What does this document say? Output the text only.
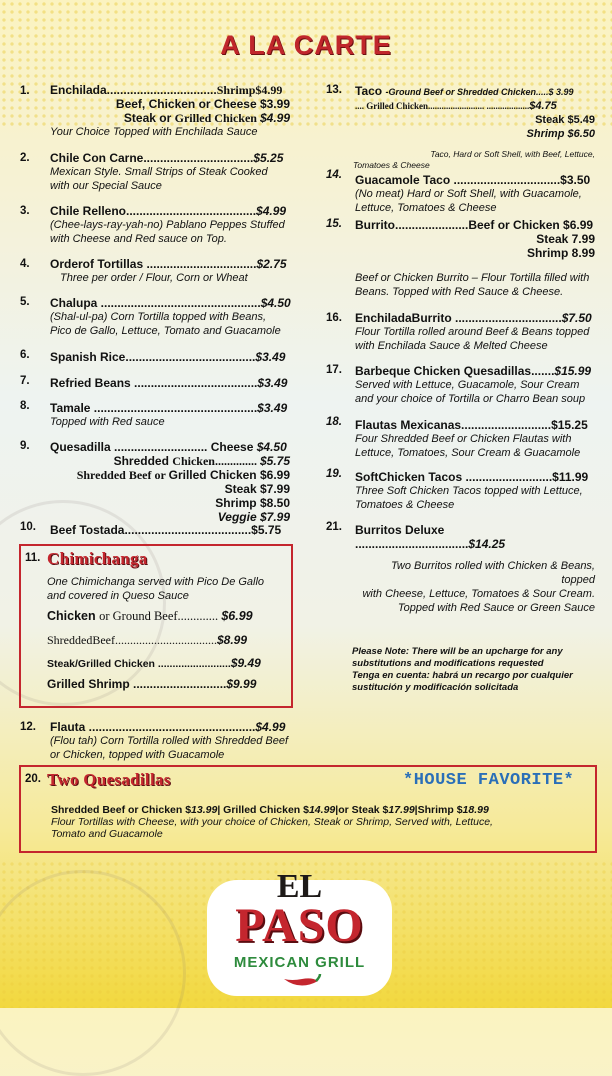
A LA CARTE
1. Enchilada.................................Shrimp$4.99
Beef, Chicken or Cheese $3.99
Steak or Grilled Chicken $4.99
Your Choice Topped with Enchilada Sauce
2. Chile Con Carne.................................$5.25
Mexican Style. Small Strips of Steak Cooked
with our Special Sauce
3. Chile Relleno.......................................$4.99
(Chee-lays-ray-yah-no) Pablano Peppes Stuffed
with Cheese and Red sauce on Top.
4. Orderof Tortillas .................................$2.75
Three per order / Flour, Corn or Wheat
5. Chalupa ................................................$4.50
(Shal-ul-pa) Corn Tortilla topped with Beans,
Pico de Gallo, Lettuce, Tomato and Guacamole
6. Spanish Rice.......................................$3.49
7. Refried Beans .....................................$3.49
8. Tamale .................................................$3.49
Topped with Red sauce
9. Quesadilla ............................ Cheese $4.50
Shredded Chicken.............. $5.75
Shredded Beef or Grilled Chicken $6.99
Steak $7.99
Shrimp $8.50
Veggie $7.99
10. Beef Tostada......................................$5.75
11. Chimichanga
One Chimichanga served with Pico De Gallo
and covered in Queso Sauce
Chicken or Ground Beef............. $6.99
ShreddedBeef..................................$8.99
Steak/Grilled Chicken .........................$9.49
Grilled Shrimp ............................$9.99
12. Flauta ..................................................$4.99
(Flou tah) Corn Tortilla rolled with Shredded Beef
or Chicken, topped with Guacamole
13. Taco -Ground Beef or Shredded Chicken.....$ 3.99
.... Grilled Chicken......................... ...................$4.75
Steak $5.49
Shrimp $6.50
Taco, Hard or Soft Shell, with Beef, Lettuce,
Tomatoes & Cheese
14. Guacamole Taco ................................$3.50
(No meat) Hard or Soft Shell, with Guacamole,
Lettuce, Tomatoes & Cheese
15. Burrito......................Beef or Chicken $6.99
Steak 7.99
Shrimp 8.99
Beef or Chicken Burrito – Flour Tortilla filled with
Beans. Topped with Red Sauce & Cheese.
16. EnchiladaBurrito ................................$7.50
Flour Tortilla rolled around Beef & Beans topped
with Enchilada Sauce & Melted Cheese
17. Barbeque Chicken Quesadillas.......$15.99
Served with Lettuce, Guacamole, Sour Cream
and your choice of Tortilla or Charro Bean soup
18. Flautas Mexicanas...........................$15.25
Four Shredded Beef or Chicken Flautas with
Lettuce, Tomatoes, Sour Cream & Guacamole
19. SoftChicken Tacos ..........................$11.99
Three Soft Chicken Tacos topped with Lettuce,
Tomatoes & Cheese
21. Burritos Deluxe ..................................$14.25
Two Burritos rolled with Chicken & Beans, topped
with Cheese, Lettuce, Tomatoes & Sour Cream.
Topped with Red Sauce or Green Sauce
Please Note: There will be an upcharge for any
substitutions and modifications requested
Tenga en cuenta: habrá un recargo por cualquier
sustitución y modificación solicitada
20. Two Quesadillas	*HOUSE FAVORITE*
Shredded Beef or Chicken $13.99| Grilled Chicken $14.99|or Steak $17.99|Shrimp $18.99
Flour Tortillas with Cheese, with your choice of Chicken, Steak or Shrimp, Served with, Lettuce,
Tomato and Guacamole
EL
PASO
MEXICAN GRILL
